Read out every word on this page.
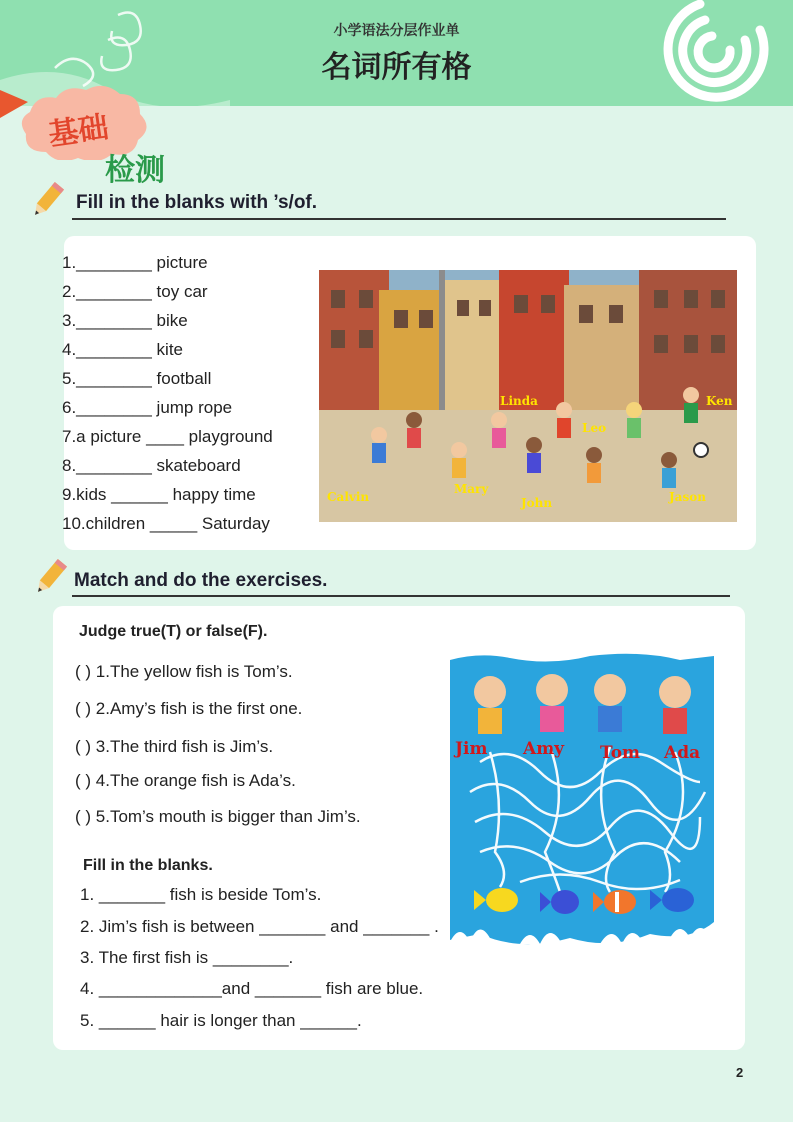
小学语法分层作业单
名词所有格
基础
检测
Fill in the blanks with ’s/of.
1.________ picture
2.________ toy car
3.________ bike
4.________ kite
5.________ football
6.________ jump rope
7.a picture ____ playground
8.________ skateboard
9.kids ______ happy time
10.children _____ Saturday
Linda	Ken
Leo
Calvin
Mary
John	Jason
Match and do the exercises.
Judge true(T) or false(F).
( ) 1.The yellow fish is Tom’s.
( ) 2.Amy’s fish is the first one.
( ) 3.The third fish is Jim’s.
( ) 4.The orange fish is Ada’s.
( ) 5.Tom’s mouth is bigger than Jim’s.
Jim Amy Tom Ada
Fill in the blanks.
1. _______ fish is beside Tom’s.
2. Jim’s fish is between _______ and _______ .
3. The first fish is ________.
4. _____________and _______ fish are blue.
5. ______ hair is longer than ______.
2
